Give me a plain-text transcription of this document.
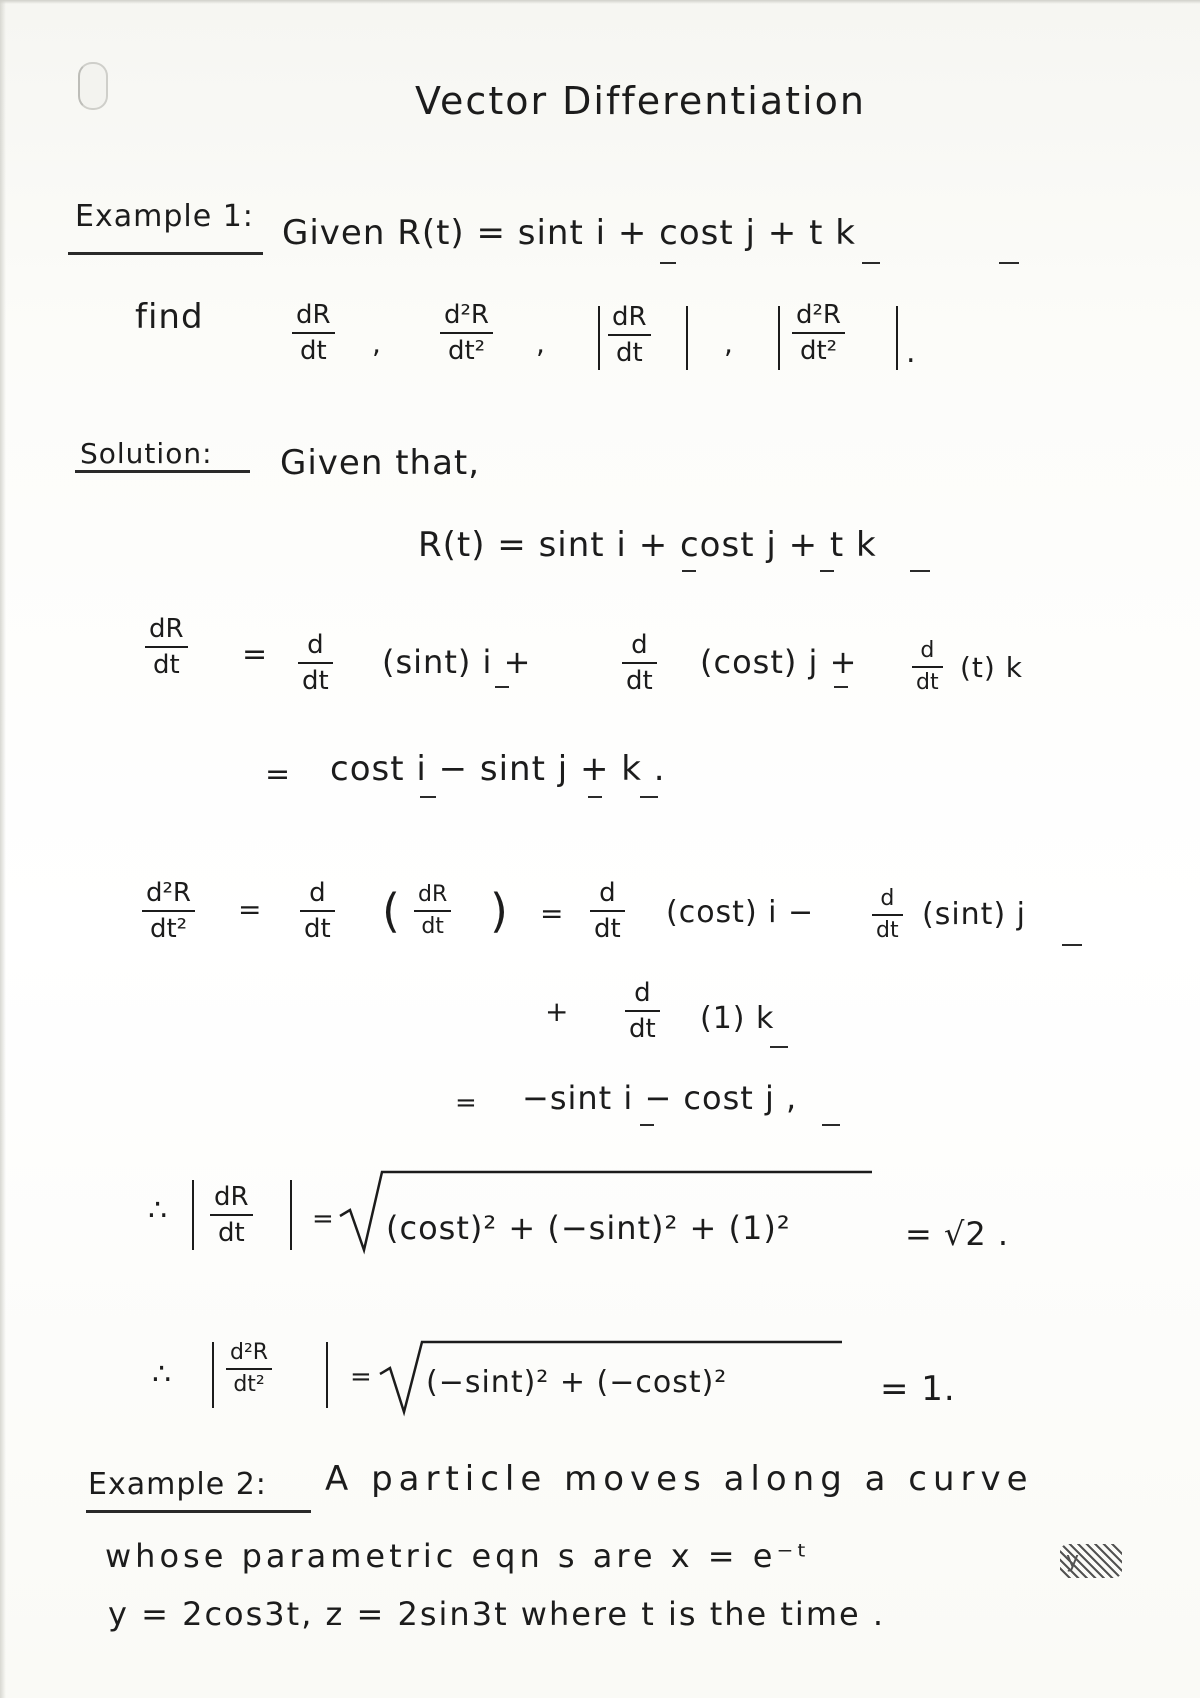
Vector Differentiation
Example 1: Given R(t) = sint i + cost j + t k
find	dR
dt ,
d²R
dt² ,
dR
dt	,
d²R
dt² .
Solution: Given that,
R(t) = sint i + cost j + t k
dR
dt = d
dt (sint) i +	d
dt (cost) j +	d
dt (t) k
= cost i − sint j + k .
d²R
dt²
= d
dt ( dR
dt ) =
d
dt (cost) i −	d
dt (sint) j
+
d
dt (1) k
= −sint i − cost j ,
∴ dR
dt	= (cost)² + (−sint)² + (1)²	= √2 .
∴
d²R
dt²	= (−sint)² + (−cost)²	= 1.
Example 2: A particle moves along a curve
whose parametric eqn s are x = e⁻ᵗ	y
y = 2cos3t, z = 2sin3t where t is the time .
